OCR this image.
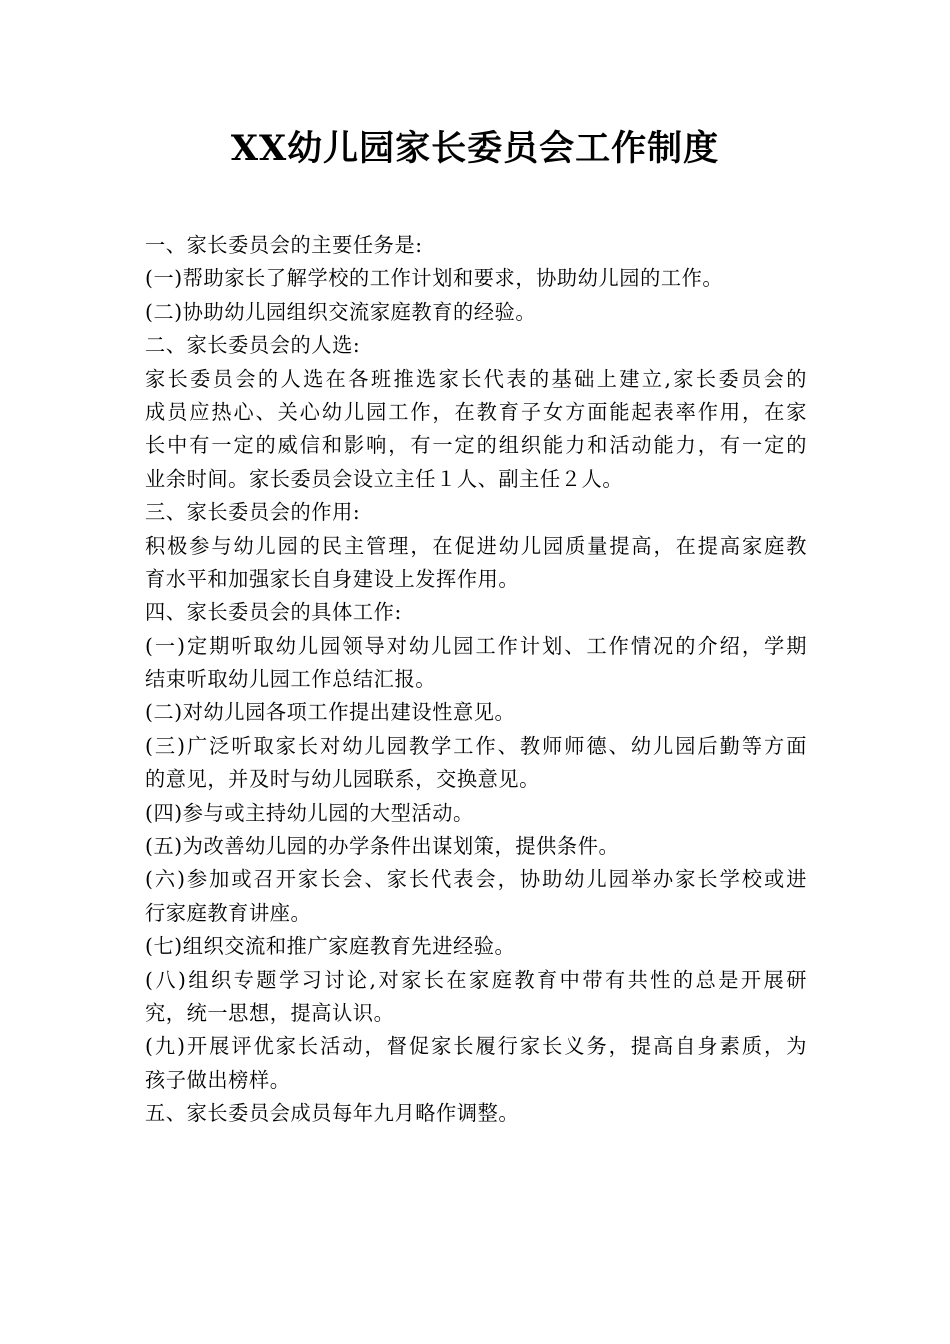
XX幼儿园家长委员会工作制度
一、家长委员会的主要任务是:
(一)帮助家长了解学校的工作计划和要求，协助幼儿园的工作。
(二)协助幼儿园组织交流家庭教育的经验。
二、家长委员会的人选:
家长委员会的人选在各班推选家长代表的基础上建立,家长委员会的
成员应热心、关心幼儿园工作，在教育子女方面能起表率作用，在家
长中有一定的威信和影响，有一定的组织能力和活动能力，有一定的
业余时间。家长委员会设立主任１人、副主任２人。
三、家长委员会的作用:
积极参与幼儿园的民主管理，在促进幼儿园质量提高，在提高家庭教
育水平和加强家长自身建设上发挥作用。
四、家长委员会的具体工作:
(一)定期听取幼儿园领导对幼儿园工作计划、工作情况的介绍，学期
结束听取幼儿园工作总结汇报。
(二)对幼儿园各项工作提出建设性意见。
(三)广泛听取家长对幼儿园教学工作、教师师德、幼儿园后勤等方面
的意见，并及时与幼儿园联系，交换意见。
(四)参与或主持幼儿园的大型活动。
(五)为改善幼儿园的办学条件出谋划策，提供条件。
(六)参加或召开家长会、家长代表会，协助幼儿园举办家长学校或进
行家庭教育讲座。
(七)组织交流和推广家庭教育先进经验。
(八)组织专题学习讨论,对家长在家庭教育中带有共性的总是开展研
究，统一思想，提高认识。
(九)开展评优家长活动，督促家长履行家长义务，提高自身素质，为
孩子做出榜样。
五、家长委员会成员每年九月略作调整。
